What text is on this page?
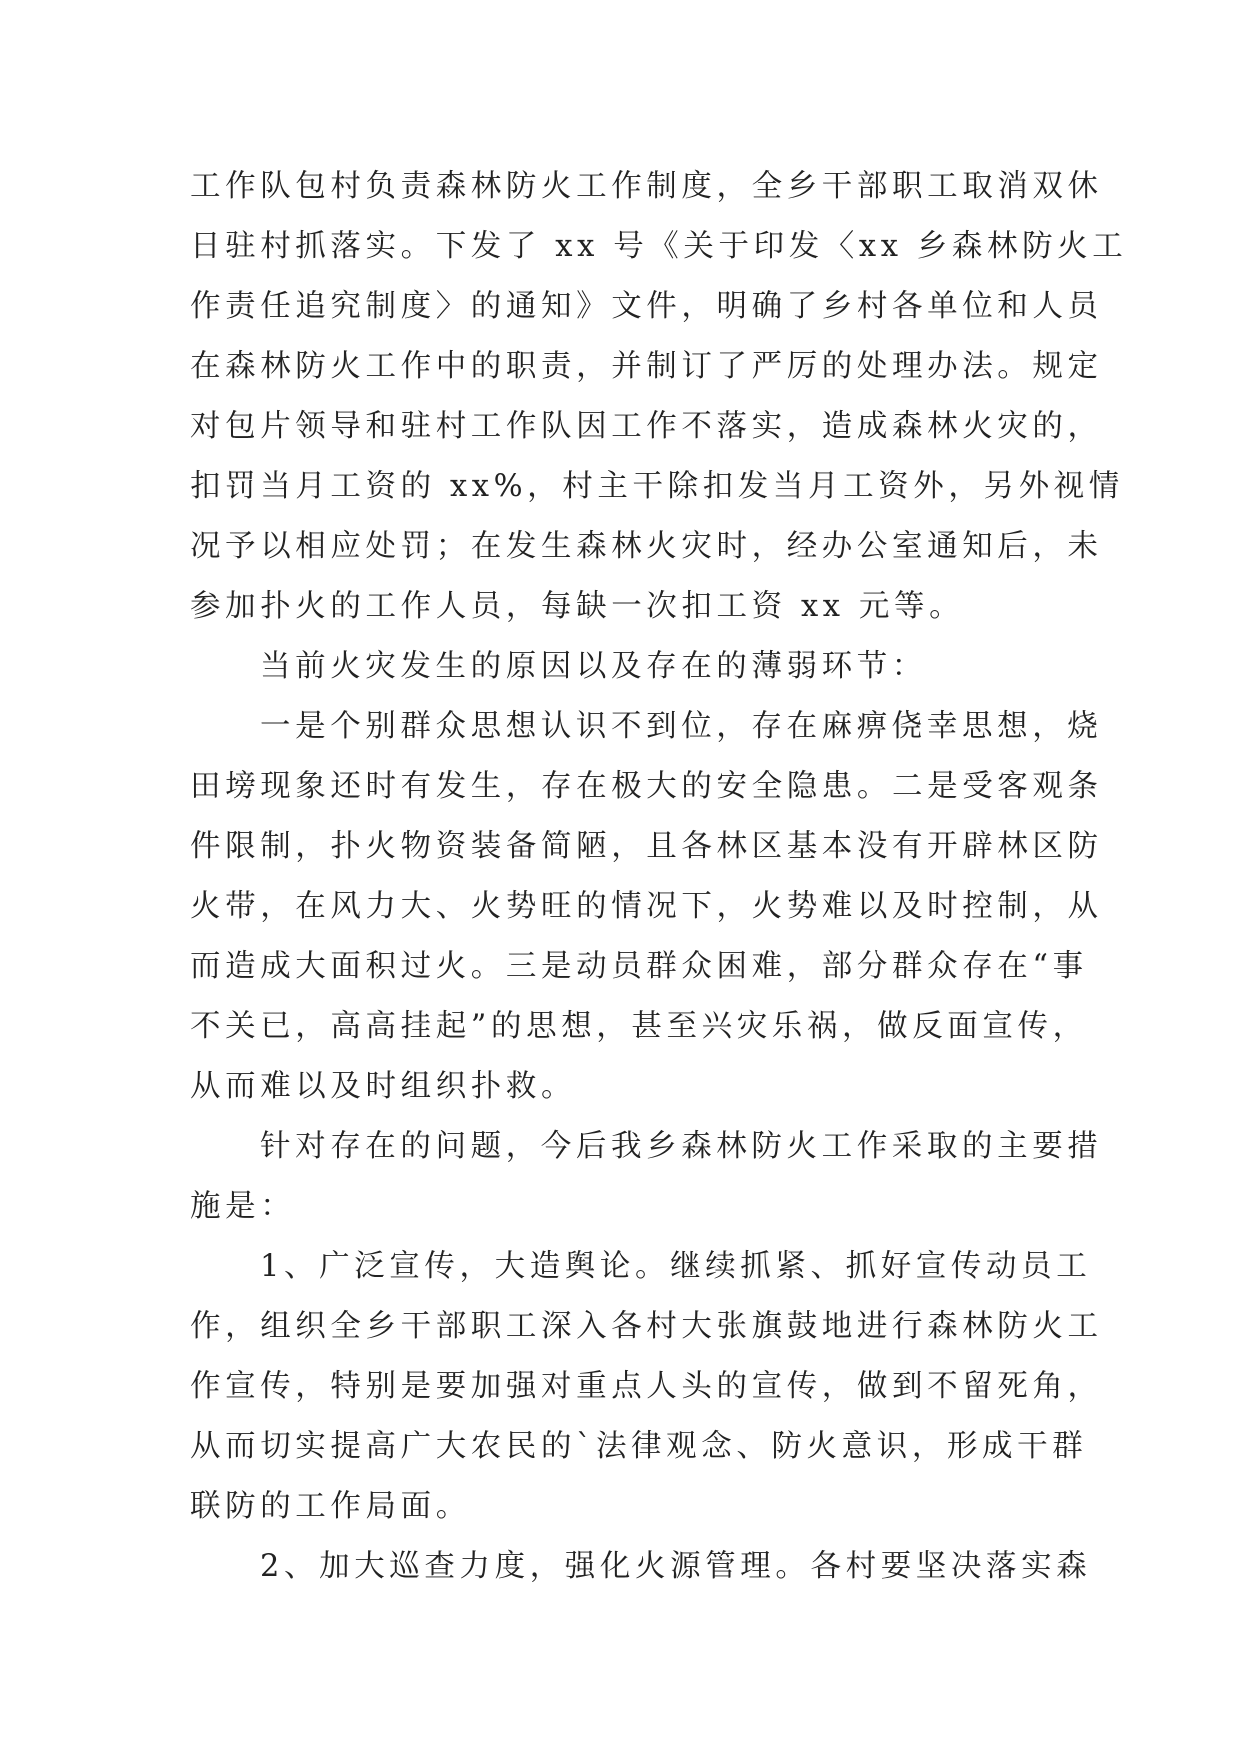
工作队包村负责森林防火工作制度，全乡干部职工取消双休
日驻村抓落实。下发了 xx 号《关于印发〈xx 乡森林防火工
作责任追究制度〉的通知》文件，明确了乡村各单位和人员
在森林防火工作中的职责，并制订了严厉的处理办法。规定
对包片领导和驻村工作队因工作不落实，造成森林火灾的，
扣罚当月工资的 xx%，村主干除扣发当月工资外，另外视情
况予以相应处罚；在发生森林火灾时，经办公室通知后，未
参加扑火的工作人员，每缺一次扣工资 xx 元等。
当前火灾发生的原因以及存在的薄弱环节：
一是个别群众思想认识不到位，存在麻痹侥幸思想，烧
田塝现象还时有发生，存在极大的安全隐患。二是受客观条
件限制，扑火物资装备简陋，且各林区基本没有开辟林区防
火带，在风力大、火势旺的情况下，火势难以及时控制，从
而造成大面积过火。三是动员群众困难，部分群众存在“事
不关已，高高挂起”的思想，甚至兴灾乐祸，做反面宣传，
从而难以及时组织扑救。
针对存在的问题，今后我乡森林防火工作采取的主要措
施是：
1、广泛宣传，大造舆论。继续抓紧、抓好宣传动员工
作，组织全乡干部职工深入各村大张旗鼓地进行森林防火工
作宣传，特别是要加强对重点人头的宣传，做到不留死角，
从而切实提高广大农民的`法律观念、防火意识，形成干群
联防的工作局面。
2、加大巡查力度，强化火源管理。各村要坚决落实森
